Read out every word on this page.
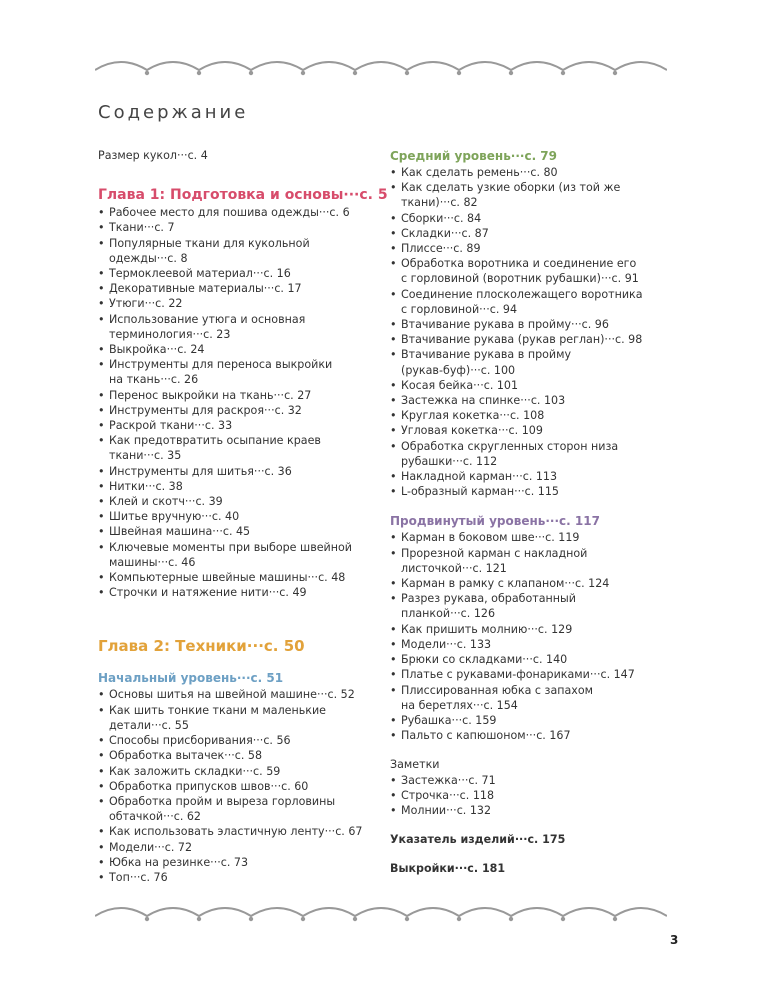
Содержание
Размер кукол···с. 4
Глава 1: Подготовка и основы···с. 5
• Рабочее место для пошива одежды···с. 6
• Ткани···с. 7
• Популярные ткани для кукольной
одежды···с. 8
• Термоклеевой материал···с. 16
• Декоративные материалы···с. 17
• Утюги···с. 22
• Использование утюга и основная
терминология···с. 23
• Выкройка···с. 24
• Инструменты для переноса выкройки
на ткань···с. 26
• Перенос выкройки на ткань···с. 27
• Инструменты для раскроя···с. 32
• Раскрой ткани···с. 33
• Как предотвратить осыпание краев
ткани···с. 35
• Инструменты для шитья···с. 36
• Нитки···с. 38
• Клей и скотч···с. 39
• Шитье вручную···с. 40
• Швейная машина···с. 45
• Ключевые моменты при выборе швейной
машины···с. 46
• Компьютерные швейные машины···с. 48
• Строчки и натяжение нити···с. 49
Глава 2: Техники···с. 50
Начальный уровень···с. 51
• Основы шитья на швейной машине···с. 52
• Как шить тонкие ткани м маленькие
детали···с. 55
• Способы присборивания···с. 56
• Обработка вытачек···с. 58
• Как заложить складки···с. 59
• Обработка припусков швов···с. 60
• Обработка пройм и выреза горловины
обтачкой···с. 62
• Как использовать эластичную ленту···с. 67
• Модели···с. 72
• Юбка на резинке···с. 73
• Топ···с. 76
Средний уровень···с. 79
• Как сделать ремень···с. 80
• Как сделать узкие оборки (из той же
ткани)···с. 82
• Сборки···с. 84
• Складки···с. 87
• Плиссе···с. 89
• Обработка воротника и соединение его
с горловиной (воротник рубашки)···с. 91
• Соединение плосколежащего воротника
с горловиной···с. 94
• Втачивание рукава в пройму···с. 96
• Втачивание рукава (рукав реглан)···с. 98
• Втачивание рукава в пройму
(рукав-буф)···с. 100
• Косая бейка···с. 101
• Застежка на спинке···с. 103
• Круглая кокетка···с. 108
• Угловая кокетка···с. 109
• Обработка скругленных сторон низа
рубашки···с. 112
• Накладной карман···с. 113
• L-образный карман···с. 115
Продвинутый уровень···с. 117
• Карман в боковом шве···с. 119
• Прорезной карман с накладной
листочкой···с. 121
• Карман в рамку с клапаном···с. 124
• Разрез рукава, обработанный
планкой···с. 126
• Как пришить молнию···с. 129
• Модели···с. 133
• Брюки со складками···с. 140
• Платье с рукавами-фонариками···с. 147
• Плиссированная юбка с запахом
на беретлях···с. 154
• Рубашка···с. 159
• Пальто с капюшоном···с. 167
Заметки
• Застежка···с. 71
• Строчка···с. 118
• Молнии···с. 132
Указатель изделий···с. 175
Выкройки···с. 181
3
